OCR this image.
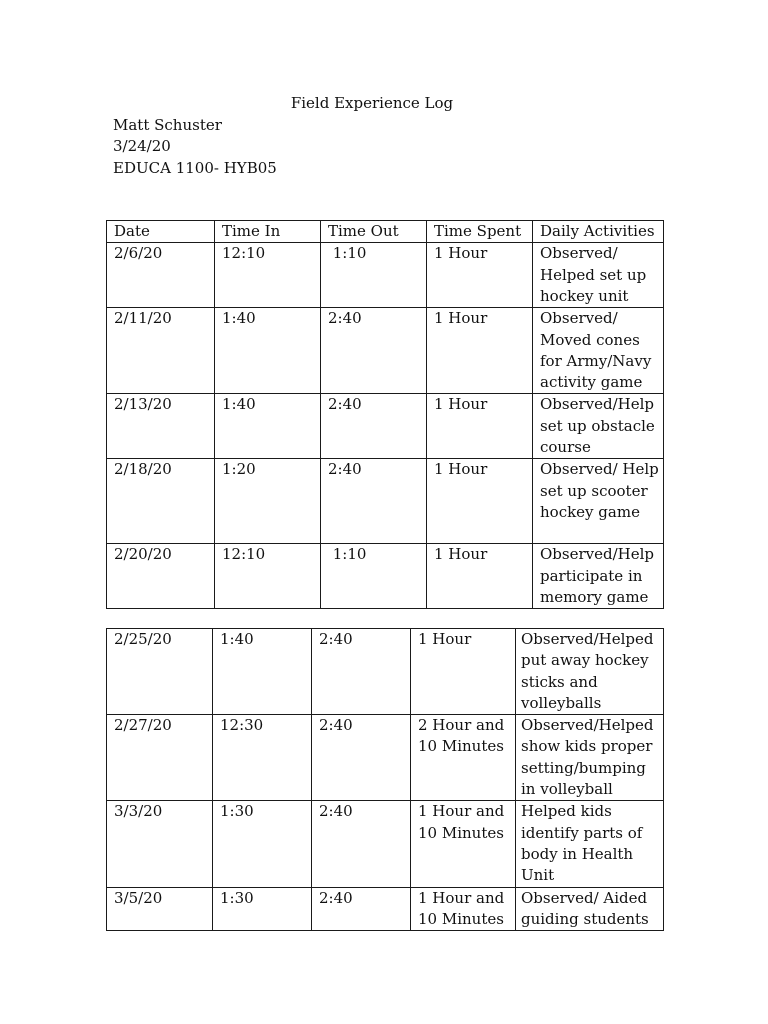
Field Experience Log
Matt Schuster
3/24/20
EDUCA 1100- HYB05
Date	Time In	Time Out	Time Spent	Daily Activities
2/6/20	12:10	1:10	1 Hour	Observed/ Helped set up hockey unit
2/11/20	1:40	2:40	1 Hour	Observed/ Moved cones for Army/Navy activity game
2/13/20	1:40	2:40	1 Hour	Observed/Help set up obstacle course
2/18/20	1:20	2:40	1 Hour	Observed/ Help set up scooter hockey game
2/20/20	12:10	1:10	1 Hour	Observed/Help participate in memory game
2/25/20	1:40	2:40	1 Hour	Observed/Helped put away hockey sticks and volleyballs
2/27/20	12:30	2:40	2 Hour and 10 Minutes	Observed/Helped show kids proper setting/bumping in volleyball
3/3/20	1:30	2:40	1 Hour and 10 Minutes	Helped kids identify parts of body in Health Unit
3/5/20	1:30	2:40	1 Hour and 10 Minutes	Observed/ Aided guiding students
